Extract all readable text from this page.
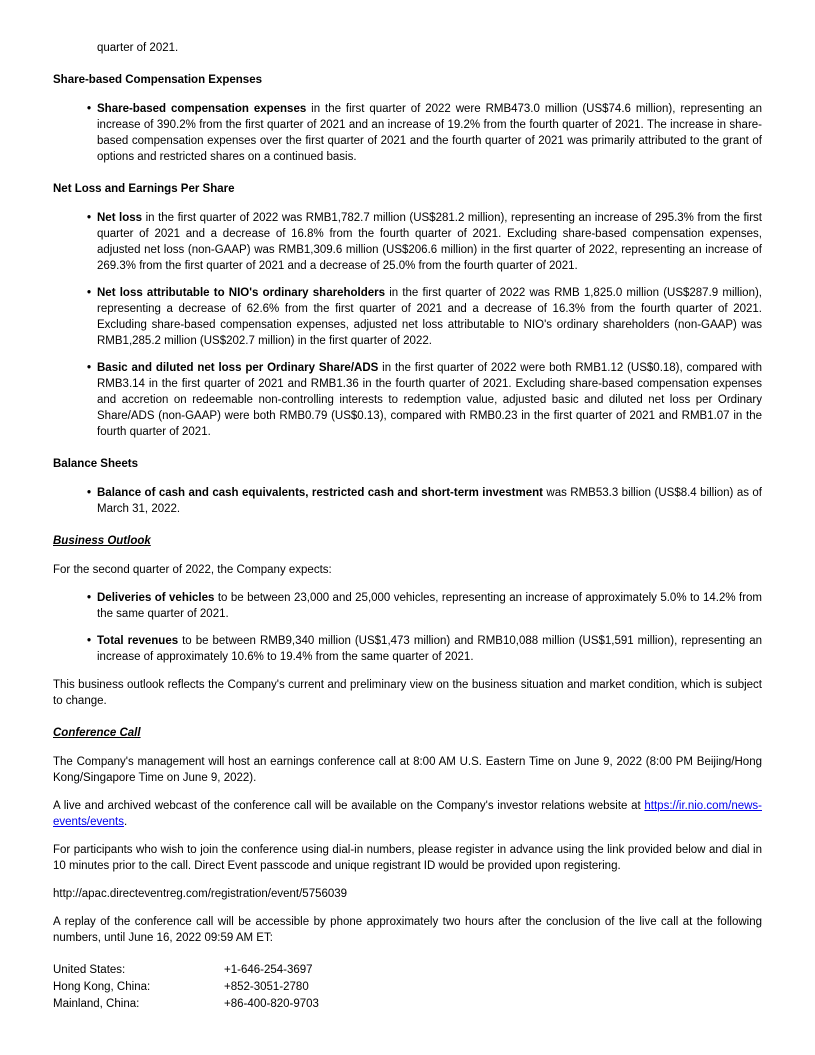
quarter of 2021.

Share-based Compensation Expenses
• Share-based compensation expenses in the first quarter of 2022 were RMB473.0 million (US$74.6 million), representing an increase of 390.2% from the first quarter of 2021 and an increase of 19.2% from the fourth quarter of 2021. The increase in share-based compensation expenses over the first quarter of 2021 and the fourth quarter of 2021 was primarily attributed to the grant of options and restricted shares on a continued basis.
Net Loss and Earnings Per Share
• Net loss in the first quarter of 2022 was RMB1,782.7 million (US$281.2 million), representing an increase of 295.3% from the first quarter of 2021 and a decrease of 16.8% from the fourth quarter of 2021. Excluding share-based compensation expenses, adjusted net loss (non-GAAP) was RMB1,309.6 million (US$206.6 million) in the first quarter of 2022, representing an increase of 269.3% from the first quarter of 2021 and a decrease of 25.0% from the fourth quarter of 2021.
• Net loss attributable to NIO's ordinary shareholders in the first quarter of 2022 was RMB 1,825.0 million (US$287.9 million), representing a decrease of 62.6% from the first quarter of 2021 and a decrease of 16.3% from the fourth quarter of 2021. Excluding share-based compensation expenses, adjusted net loss attributable to NIO's ordinary shareholders (non-GAAP) was RMB1,285.2 million (US$202.7 million) in the first quarter of 2022.
• Basic and diluted net loss per Ordinary Share/ADS in the first quarter of 2022 were both RMB1.12 (US$0.18), compared with RMB3.14 in the first quarter of 2021 and RMB1.36 in the fourth quarter of 2021. Excluding share-based compensation expenses and accretion on redeemable non-controlling interests to redemption value, adjusted basic and diluted net loss per Ordinary Share/ADS (non-GAAP) were both RMB0.79 (US$0.13), compared with RMB0.23 in the first quarter of 2021 and RMB1.07 in the fourth quarter of 2021.
Balance Sheets
• Balance of cash and cash equivalents, restricted cash and short-term investment was RMB53.3 billion (US$8.4 billion) as of March 31, 2022.
Business Outlook

For the second quarter of 2022, the Company expects:

• Deliveries of vehicles to be between 23,000 and 25,000 vehicles, representing an increase of approximately 5.0% to 14.2% from the same quarter of 2021.
• Total revenues to be between RMB9,340 million (US$1,473 million) and RMB10,088 million (US$1,591 million), representing an increase of approximately 10.6% to 19.4% from the same quarter of 2021.

This business outlook reflects the Company's current and preliminary view on the business situation and market condition, which is subject to change.

Conference Call

The Company's management will host an earnings conference call at 8:00 AM U.S. Eastern Time on June 9, 2022 (8:00 PM Beijing/Hong Kong/Singapore Time on June 9, 2022).

A live and archived webcast of the conference call will be available on the Company's investor relations website at https://ir.nio.com/news-events/events.

For participants who wish to join the conference using dial-in numbers, please register in advance using the link provided below and dial in 10 minutes prior to the call. Direct Event passcode and unique registrant ID would be provided upon registering.

http://apac.directeventreg.com/registration/event/5756039

A replay of the conference call will be accessible by phone approximately two hours after the conclusion of the live call at the following numbers, until June 16, 2022 09:59 AM ET:

United States:	+1-646-254-3697
Hong Kong, China:	+852-3051-2780
Mainland, China:	+86-400-820-9703
